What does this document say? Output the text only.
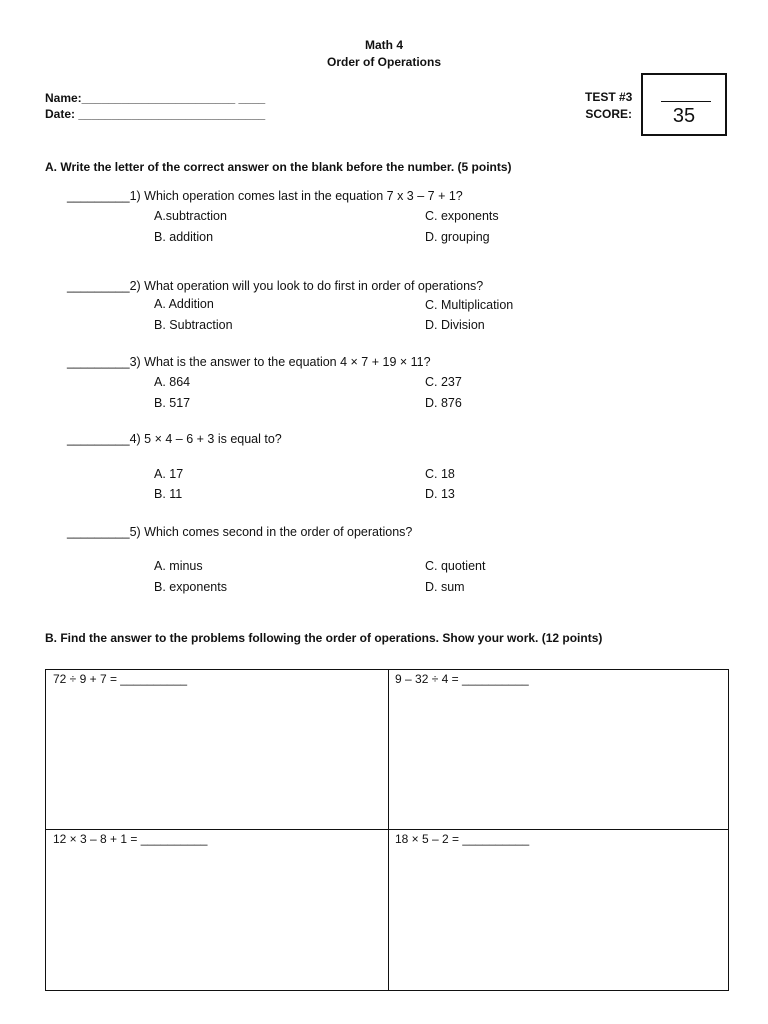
Math 4
Order of Operations
Name:_______________________ ____
Date: ____________________________
TEST #3
SCORE:	35
A. Write the letter of the correct answer on the blank before the number. (5 points)
_________1) Which operation comes last in the equation 7 x 3 – 7 + 1?
A.subtraction
B. addition
C. exponents
D. grouping
_________2) What operation will you look to do first in order of operations?
A. Addition
B. Subtraction
C. Multiplication
D. Division
_________3) What is the answer to the equation 4 × 7 + 19 × 11?
A. 864
B. 517
C. 237
D. 876
_________4) 5 × 4 – 6 + 3 is equal to?
A. 17
B. 11
C. 18
D. 13
_________5) Which comes second in the order of operations?
A. minus
B. exponents
C. quotient
D. sum
B. Find the answer to the problems following the order of operations. Show your work. (12 points)
72 ÷ 9 + 7 = __________	9 – 32 ÷ 4 = __________
12 × 3 – 8 + 1 = __________	18 × 5 – 2 = __________
